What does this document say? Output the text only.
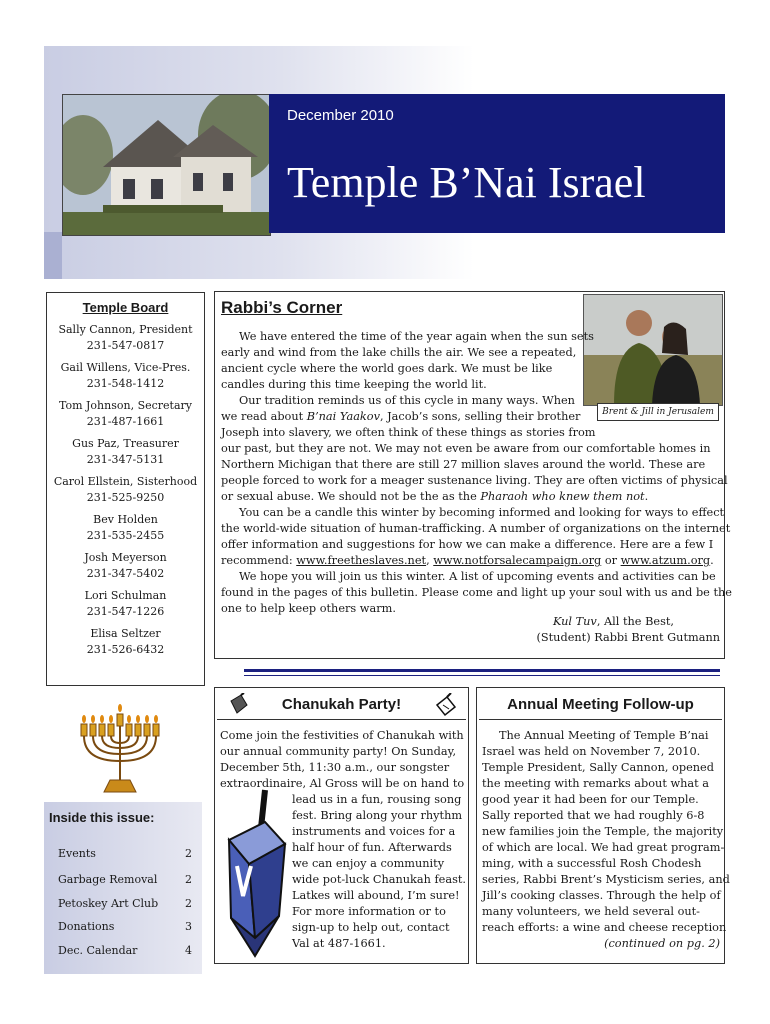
December 2010
Temple B’Nai Israel
Temple Board
Sally Cannon, President
231-547-0817
Gail Willens, Vice-Pres.
231-548-1412
Tom Johnson, Secretary
231-487-1661
Gus Paz, Treasurer
231-347-5131
Carol Ellstein, Sisterhood
231-525-9250
Bev Holden
231-535-2455
Josh Meyerson
231-347-5402
Lori Schulman
231-547-1226
Elisa Seltzer
231-526-6432
Inside this issue:
Events	2
Garbage Removal	2
Petoskey Art Club 2
Donations	3
Dec. Calendar	4
Rabbi’s Corner
Brent & Jill in Jerusalem
We have entered the time of the year again when the sun sets
early and wind from the lake chills the air. We see a repeated,
ancient cycle where the world goes dark. We must be like
candles during this time keeping the world lit.
Our tradition reminds us of this cycle in many ways. When
we read about B’nai Yaakov, Jacob’s sons, selling their brother
Joseph into slavery, we often think of these things as stories from
our past, but they are not. We may not even be aware from our comfortable homes in
Northern Michigan that there are still 27 million slaves around the world. These are
people forced to work for a meager sustenance living. They are often victims of physical
or sexual abuse. We should not be the as the Pharaoh who knew them not.
You can be a candle this winter by becoming informed and looking for ways to effect
the world-wide situation of human-trafficking. A number of organizations on the internet
offer information and suggestions for how we can make a difference. Here are a few I
recommend: www.freetheslaves.net, www.notforsalecampaign.org or www.atzum.org.
We hope you will join us this winter. A list of upcoming events and activities can be
found in the pages of this bulletin. Please come and light up your soul with us and be the
one to help keep others warm.
Kul Tuv, All the Best,
(Student) Rabbi Brent Gutmann
Chanukah Party!
Come join the festivities of Chanukah with
our annual community party! On Sunday,
December 5th, 11:30 a.m., our songster
extraordinaire, Al Gross will be on hand to
lead us in a fun, rousing song
fest. Bring along your rhythm
instruments and voices for a
half hour of fun. Afterwards
we can enjoy a community
wide pot-luck Chanukah feast.
Latkes will abound, I’m sure!
For more information or to
sign-up to help out, contact
Val at 487-1661.
Annual Meeting Follow-up
The Annual Meeting of Temple B’nai
Israel was held on November 7, 2010.
Temple President, Sally Cannon, opened
the meeting with remarks about what a
good year it had been for our Temple.
Sally reported that we had roughly 6-8
new families join the Temple, the majority
of which are local. We had great program-
ming, with a successful Rosh Chodesh
series, Rabbi Brent’s Mysticism series, and
Jill’s cooking classes. Through the help of
many volunteers, we held several out-
reach efforts: a wine and cheese reception
(continued on pg. 2)
